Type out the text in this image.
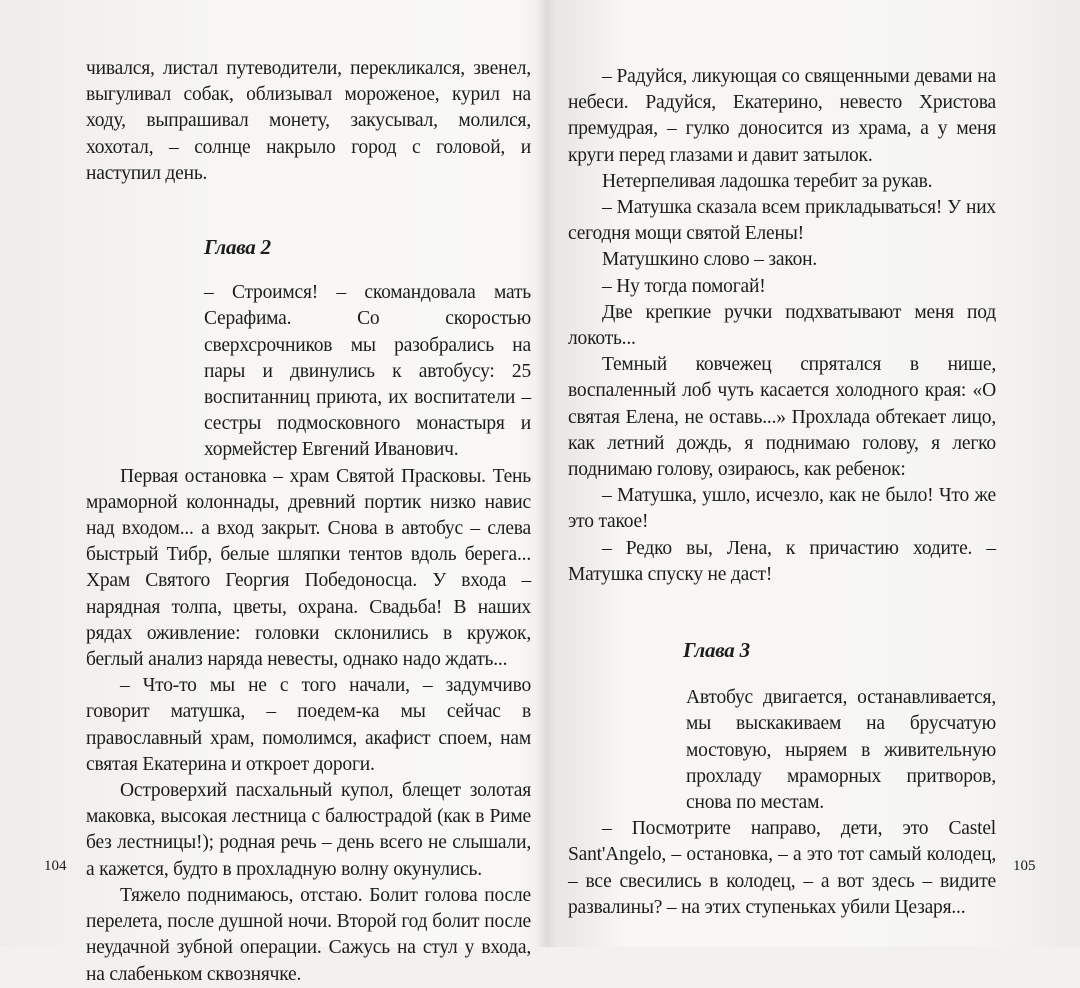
чивался, листал путеводители, перекликался, звенел, выгуливал собак, облизывал мороженое, курил на ходу, выпрашивал монету, закусывал, молился, хохотал, – солнце накрыло город с головой, и наступил день.

Глава 2

– Строимся! – скомандовала мать Серафима. Со скоростью сверхсрочников мы разобрались на пары и двинулись к автобусу: 25 воспитанниц приюта, их воспитатели – сестры подмосковного монастыря и хормейстер Евгений Иванович.

Первая остановка – храм Святой Прасковы. Тень мраморной колоннады, древний портик низко навис над входом... а вход закрыт. Снова в автобус – слева быстрый Тибр, белые шляпки тентов вдоль берега... Храм Святого Георгия Победоносца. У входа – нарядная толпа, цветы, охрана. Свадьба! В наших рядах оживление: головки склонились в кружок, беглый анализ наряда невесты, однако надо ждать...

– Что-то мы не с того начали, – задумчиво говорит матушка, – поедем-ка мы сейчас в православный храм, помолимся, акафист споем, нам святая Екатерина и откроет дороги.

Островерхий пасхальный купол, блещет золотая маковка, высокая лестница с балюстрадой (как в Риме без лестницы!); родная речь – день всего не слышали, а кажется, будто в прохладную волну окунулись.

Тяжело поднимаюсь, отстаю. Болит голова после перелета, после душной ночи. Второй год болит после неудачной зубной операции. Сажусь на стул у входа, на слабеньком сквознячке.

104

– Радуйся, ликующая со священными девами на небеси. Радуйся, Екатерино, невесто Христова премудрая, – гулко доносится из храма, а у меня круги перед глазами и давит затылок.

Нетерпеливая ладошка теребит за рукав.

– Матушка сказала всем прикладываться! У них сегодня мощи святой Елены!

Матушкино слово – закон.

– Ну тогда помогай!

Две крепкие ручки подхватывают меня под локоть...

Темный ковчежец спрятался в нише, воспаленный лоб чуть касается холодного края: «О святая Елена, не оставь...» Прохлада обтекает лицо, как летний дождь, я поднимаю голову, я легко поднимаю голову, озираюсь, как ребенок:

– Матушка, ушло, исчезло, как не было! Что же это такое!

– Редко вы, Лена, к причастию ходите. – Матушка спуску не даст!

Глава 3

Автобус двигается, останавливается, мы выскакиваем на брусчатую мостовую, ныряем в живительную прохладу мраморных притворов, снова по местам.

– Посмотрите направо, дети, это Castel Sant'Angelo, – остановка, – а это тот самый колодец, – все свесились в колодец, – а вот здесь – видите развалины? – на этих ступеньках убили Цезаря...

105
